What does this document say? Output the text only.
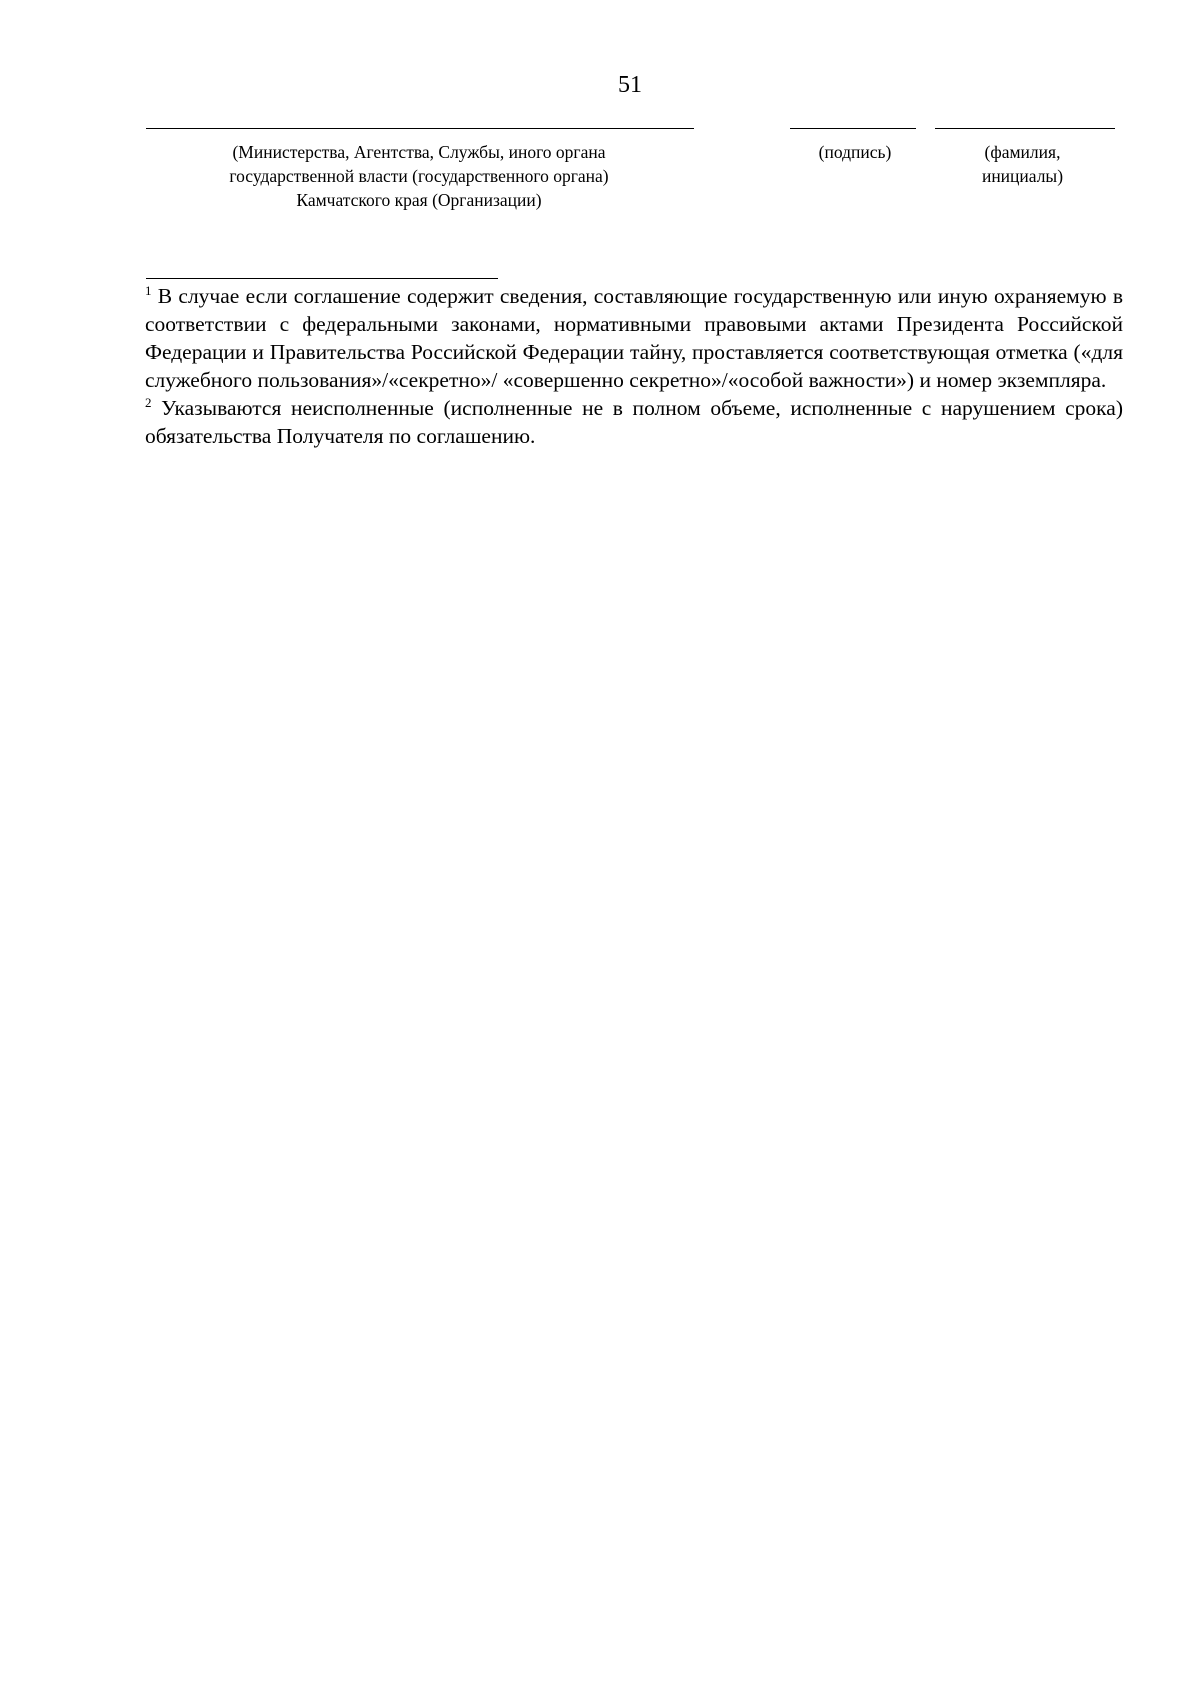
51
(Министерства, Агентства, Службы, иного органа
государственной власти (государственного органа)
Камчатского края (Организации)
(подпись)	(фамилия,
инициалы)

$^1$ В случае если соглашение содержит сведения, составляющие государственную или иную охраняемую в соответствии с федеральными законами, нормативными правовыми актами Президента Российской Федерации и Правительства Российской Федерации тайну, проставляется соответствующая отметка («для служебного пользования»/«секретно»/ «совершенно секретно»/«особой важности») и номер экземпляра.

$^2$ Указываются неисполненные (исполненные не в полном объеме, исполненные с нарушением срока) обязательства Получателя по соглашению.
